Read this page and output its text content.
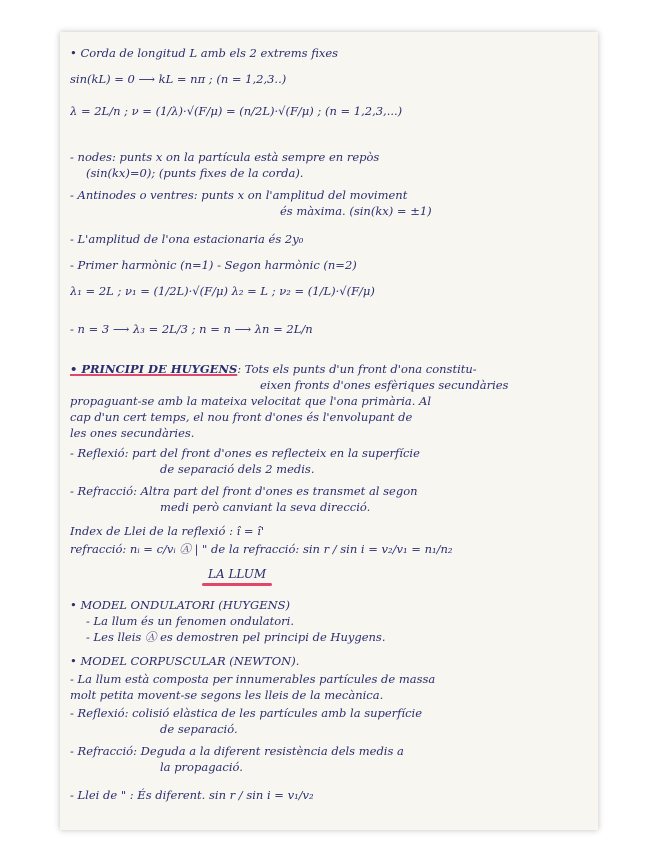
• Corda de longitud L amb els 2 extrems fixes
sin(kL) = 0 ⟶ kL = nπ ; (n = 1,2,3..)
λ = 2L/n ; ν = (1/λ)·√(F/μ) = (n/2L)·√(F/μ) ; (n = 1,2,3,...)
- nodes: punts x on la partícula està sempre en repòs
(sin(kx)=0); (punts fixes de la corda).
- Antinodes o ventres: punts x on l'amplitud del moviment
és màxima. (sin(kx) = ±1)
- L'amplitud de l'ona estacionaria és 2y₀
- Primer harmònic (n=1) - Segon harmònic (n=2)
λ₁ = 2L ; ν₁ = (1/2L)·√(F/μ) λ₂ = L ; ν₂ = (1/L)·√(F/μ)
- n = 3 ⟶ λ₃ = 2L/3 ; n = n ⟶ λn = 2L/n
• PRINCIPI DE HUYGENS: Tots els punts d'un front d'ona constitu-
eixen fronts d'ones esfèriques secundàries
propaguant-se amb la mateixa velocitat que l'ona primària. Al
cap d'un cert temps, el nou front d'ones és l'envolupant de
les ones secundàries.
- Reflexió: part del front d'ones es reflecteix en la superfície
de separació dels 2 medis.
- Refracció: Altra part del front d'ones es transmet al segon
medi però canviant la seva direcció.
Index de Llei de la reflexió : î = î'
refracció: nᵢ = c/vᵢ Ⓐ | " de la refracció: sin r / sin i = v₂/v₁ = n₁/n₂
LA LLUM
• MODEL ONDULATORI (HUYGENS)
- La llum és un fenomen ondulatori.
- Les lleis Ⓐ es demostren pel principi de Huygens.
• MODEL CORPUSCULAR (NEWTON).
- La llum està composta per innumerables partícules de massa
molt petita movent-se segons les lleis de la mecànica.
- Reflexió: colisió elàstica de les partícules amb la superfície
de separació.
- Refracció: Deguda a la diferent resistència dels medis a
la propagació.
- Llei de " : És diferent. sin r / sin i = v₁/v₂
